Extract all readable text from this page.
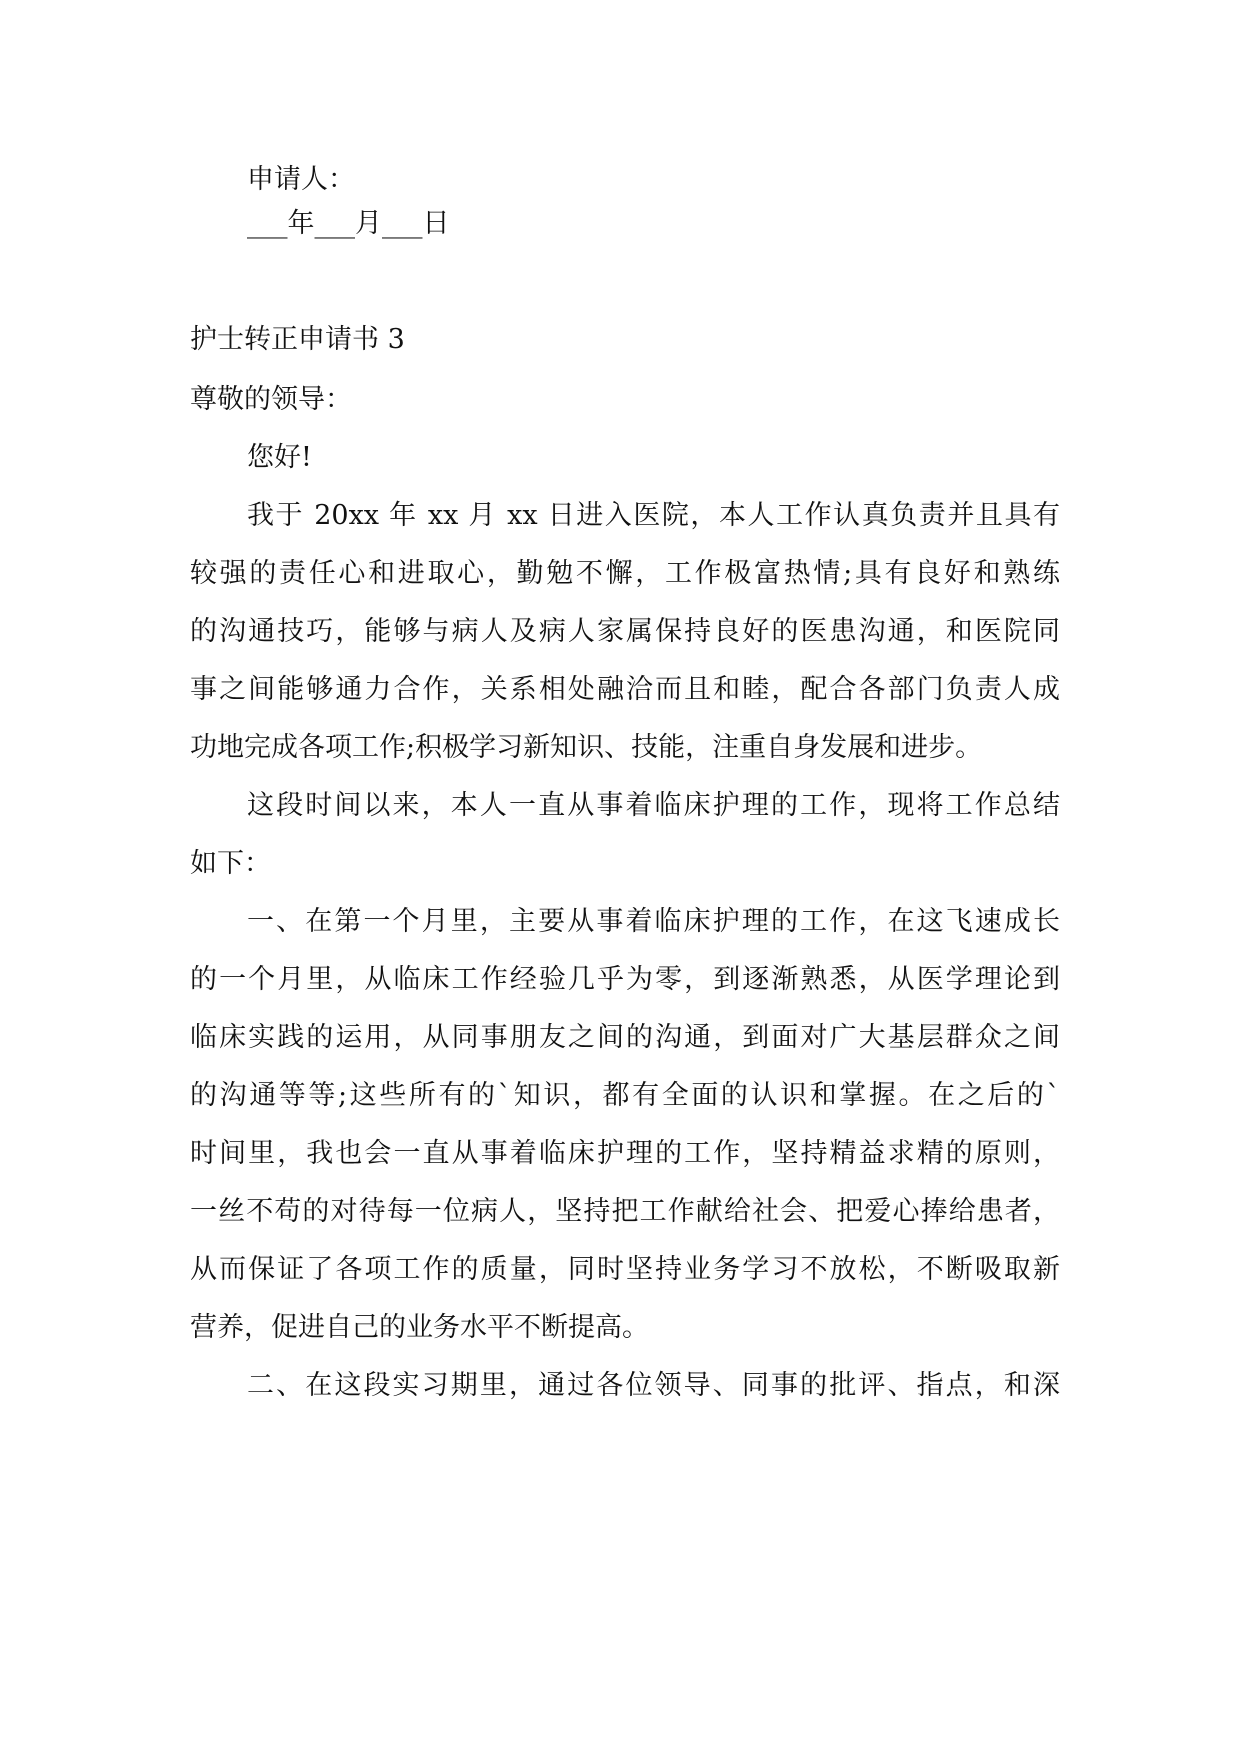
申请人：
___年___月___日
护士转正申请书 3
尊敬的领导：
您好!
我于 20xx 年 xx 月 xx 日进入医院，本人工作认真负责并且具有
较强的责任心和进取心，勤勉不懈，工作极富热情;具有良好和熟练
的沟通技巧，能够与病人及病人家属保持良好的医患沟通，和医院同
事之间能够通力合作，关系相处融洽而且和睦，配合各部门负责人成
功地完成各项工作;积极学习新知识、技能，注重自身发展和进步。
这段时间以来，本人一直从事着临床护理的工作，现将工作总结
如下：
一、在第一个月里，主要从事着临床护理的工作，在这飞速成长
的一个月里，从临床工作经验几乎为零，到逐渐熟悉，从医学理论到
临床实践的运用，从同事朋友之间的沟通，到面对广大基层群众之间
的沟通等等;这些所有的`知识，都有全面的认识和掌握。在之后的`
时间里，我也会一直从事着临床护理的工作，坚持精益求精的原则，
一丝不苟的对待每一位病人，坚持把工作献给社会、把爱心捧给患者，
从而保证了各项工作的质量，同时坚持业务学习不放松，不断吸取新
营养，促进自己的业务水平不断提高。
二、在这段实习期里，通过各位领导、同事的批评、指点，和深
